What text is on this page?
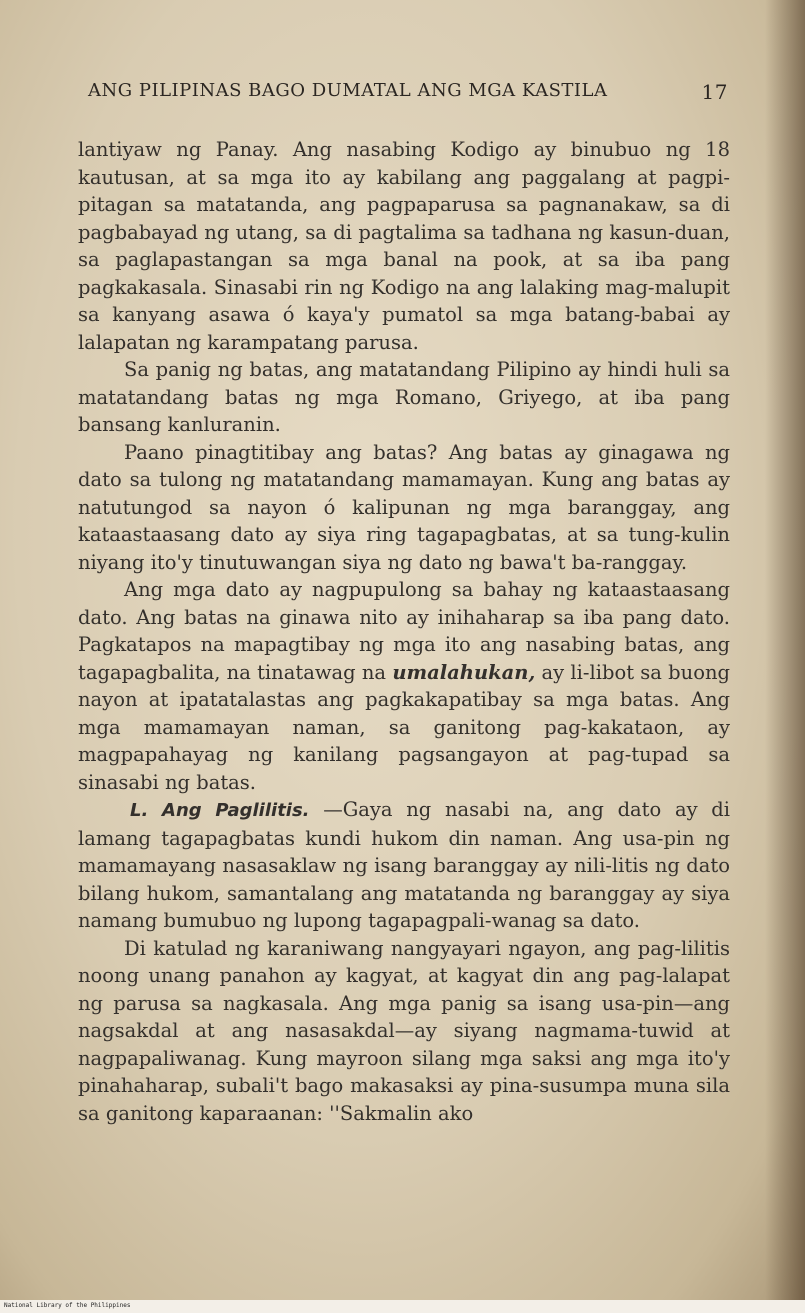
ANG PILIPINAS BAGO DUMATAL ANG MGA KASTILA	17

lantiyaw ng Panay. Ang nasabing Kodigo ay binubuo ng 18 kautusan, at sa mga ito ay kabilang ang paggalang at pagpi-pitagan sa matatanda, ang pagpaparusa sa pagnanakaw, sa di pagbabayad ng utang, sa di pagtalima sa tadhana ng kasun-duan, sa paglapastangan sa mga banal na pook, at sa iba pang pagkakasala. Sinasabi rin ng Kodigo na ang lalaking mag-malupit sa kanyang asawa ó kaya'y pumatol sa mga batang-babai ay lalapatan ng karampatang parusa.

Sa panig ng batas, ang matatandang Pilipino ay hindi huli sa matatandang batas ng mga Romano, Griyego, at iba pang bansang kanluranin.

Paano pinagtitibay ang batas? Ang batas ay ginagawa ng dato sa tulong ng matatandang mamamayan. Kung ang batas ay natutungod sa nayon ó kalipunan ng mga baranggay, ang kataastaasang dato ay siya ring tagapagbatas, at sa tung-kulin niyang ito'y tinutuwangan siya ng dato ng bawa't ba-ranggay.

Ang mga dato ay nagpupulong sa bahay ng kataastaasang dato. Ang batas na ginawa nito ay inihaharap sa iba pang dato. Pagkatapos na mapagtibay ng mga ito ang nasabing batas, ang tagapagbalita, na tinatawag na umalahukan, ay li-libot sa buong nayon at ipatatalastas ang pagkakapatibay sa mga batas. Ang mga mamamayan naman, sa ganitong pag-kakataon, ay magpapahayag ng kanilang pagsangayon at pag-tupad sa sinasabi ng batas.

L. Ang Paglilitis. —Gaya ng nasabi na, ang dato ay di lamang tagapagbatas kundi hukom din naman. Ang usa-pin ng mamamayang nasasaklaw ng isang baranggay ay nili-litis ng dato bilang hukom, samantalang ang matatanda ng baranggay ay siya namang bumubuo ng lupong tagapagpali-wanag sa dato.

Di katulad ng karaniwang nangyayari ngayon, ang pag-lilitis noong unang panahon ay kagyat, at kagyat din ang pag-lalapat ng parusa sa nagkasala. Ang mga panig sa isang usa-pin—ang nagsakdal at ang nasasakdal—ay siyang nagmama-tuwid at nagpapaliwanag. Kung mayroon silang mga saksi ang mga ito'y pinahaharap, subali't bago makasaksi ay pina-susumpa muna sila sa ganitong kaparaanan: ''Sakmalin ako

National Library of the Philippines
